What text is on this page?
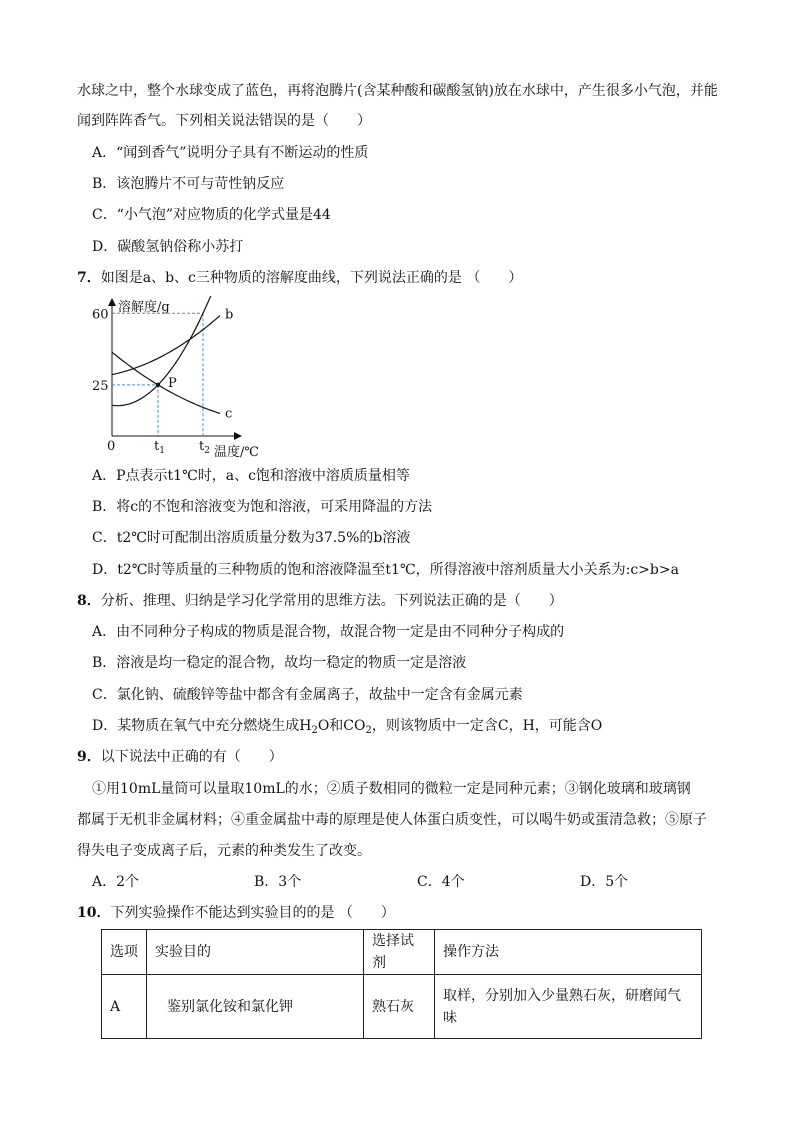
水球之中，整个水球变成了蓝色，再将泡腾片(含某种酸和碳酸氢钠)放在水球中，产生很多小气泡，并能
闻到阵阵香气。下列相关说法错误的是（　　）
A．“闻到香气”说明分子具有不断运动的性质
B．该泡腾片不可与苛性钠反应
C．“小气泡”对应物质的化学式量是44
D．碳酸氢钠俗称小苏打
7．如图是a、b、c三种物质的溶解度曲线，下列说法正确的是 （　　）
溶解度/g
温度/℃
0
25
60
$t_1$	$t_2$
b
c
P
A．P点表示t1℃时，a、c饱和溶液中溶质质量相等
B．将c的不饱和溶液变为饱和溶液，可采用降温的方法
C．t2℃时可配制出溶质质量分数为37.5%的b溶液
D．t2℃时等质量的三种物质的饱和溶液降温至t1℃，所得溶液中溶剂质量大小关系为:c>b>a
8．分析、推理、归纳是学习化学常用的思维方法。下列说法正确的是（　　）
A．由不同种分子构成的物质是混合物，故混合物一定是由不同种分子构成的
B．溶液是均一稳定的混合物，故均一稳定的物质一定是溶液
C．氯化钠、硫酸锌等盐中都含有金属离子，故盐中一定含有金属元素
D．某物质在氧气中充分燃烧生成$H_2O$和$CO_2$，则该物质中一定含C，H，可能含O
9．以下说法中正确的有（　　）
①用10mL量筒可以量取10mL的水；②质子数相同的微粒一定是同种元素；③钢化玻璃和玻璃钢
都属于无机非金属材料；④重金属盐中毒的原理是使人体蛋白质变性，可以喝牛奶或蛋清急救；⑤原子
得失电子变成离子后，元素的种类发生了改变。
A．2个	B．3个	C．4个	D．5个
10．下列实验操作不能达到实验目的的是 （　　）
选项	实验目的	选择试剂	操作方法
A	鉴别氯化铵和氯化钾	熟石灰	取样，分别加入少量熟石灰，研磨闻气味
